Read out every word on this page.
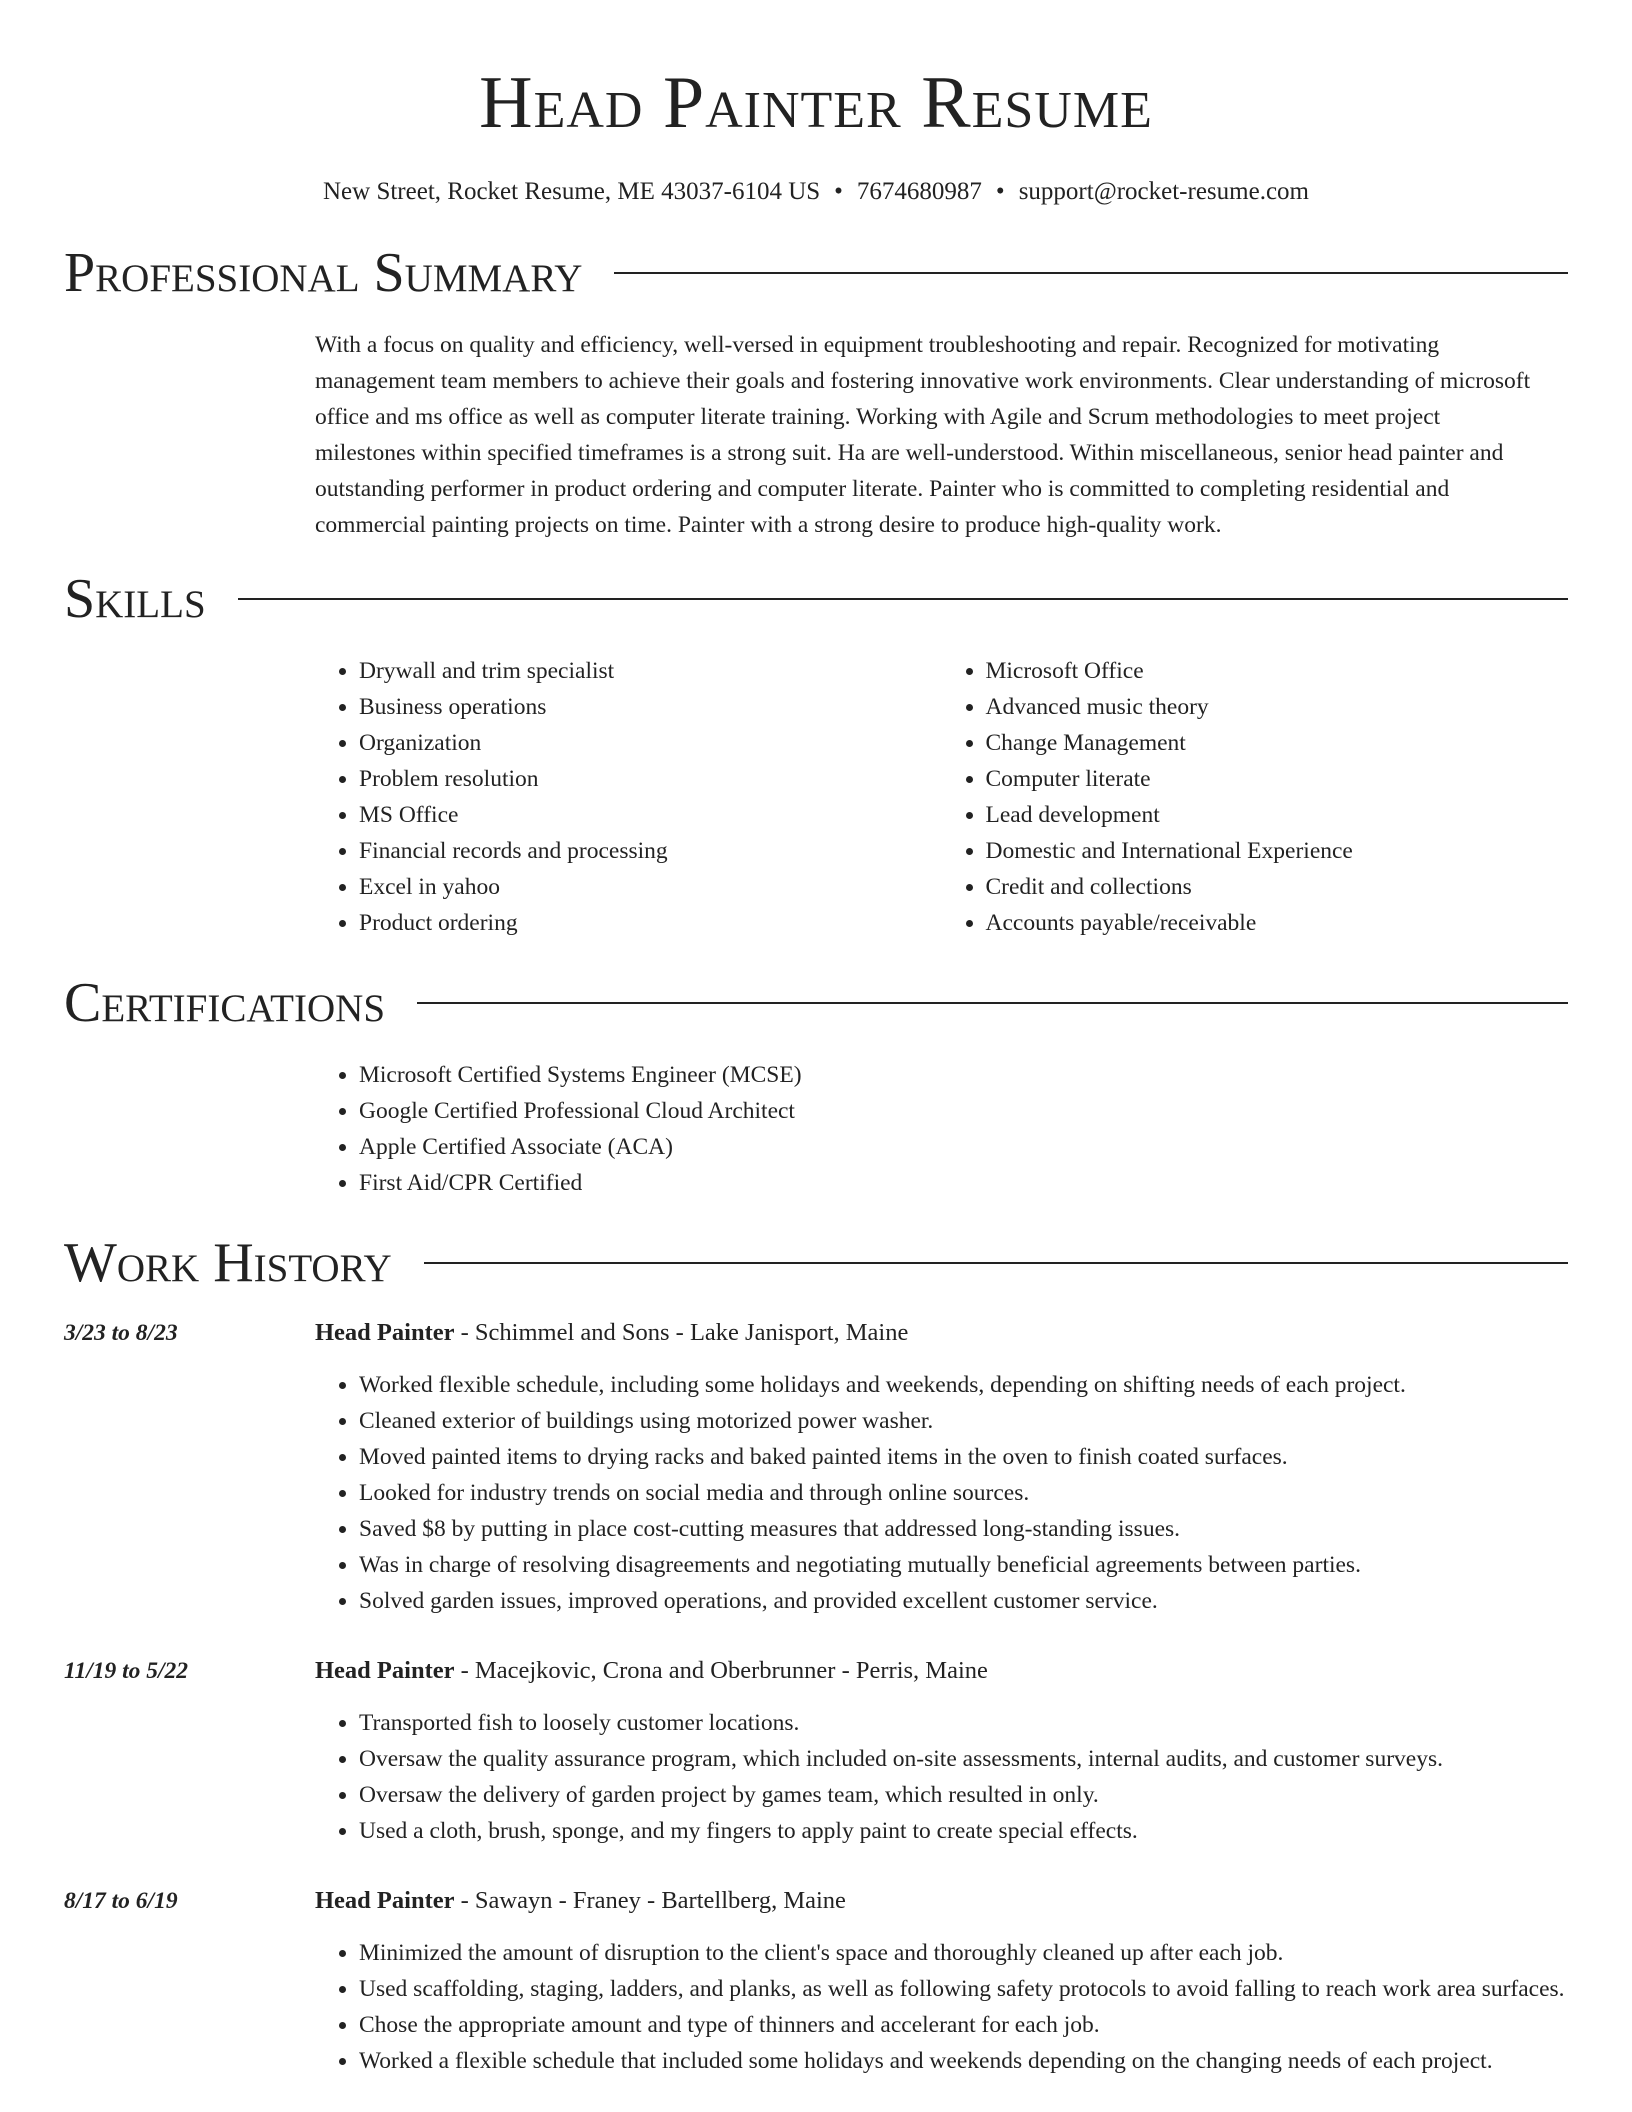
Head Painter Resume
New Street, Rocket Resume, ME 43037-6104 US • 7674680987 • support@rocket-resume.com
Professional Summary
With a focus on quality and efficiency, well-versed in equipment troubleshooting and repair. Recognized for motivating management team members to achieve their goals and fostering innovative work environments. Clear understanding of microsoft office and ms office as well as computer literate training. Working with Agile and Scrum methodologies to meet project milestones within specified timeframes is a strong suit. Ha are well-understood. Within miscellaneous, senior head painter and outstanding performer in product ordering and computer literate. Painter who is committed to completing residential and commercial painting projects on time. Painter with a strong desire to produce high-quality work.
Skills
• Drywall and trim specialist
• Business operations
• Organization
• Problem resolution
• MS Office
• Financial records and processing
• Excel in yahoo
• Product ordering
• Microsoft Office
• Advanced music theory
• Change Management
• Computer literate
• Lead development
• Domestic and International Experience
• Credit and collections
• Accounts payable/receivable
Certifications
• Microsoft Certified Systems Engineer (MCSE)
• Google Certified Professional Cloud Architect
• Apple Certified Associate (ACA)
• First Aid/CPR Certified
Work History
3/23 to 8/23	Head Painter - Schimmel and Sons - Lake Janisport, Maine
• Worked flexible schedule, including some holidays and weekends, depending on shifting needs of each project.
• Cleaned exterior of buildings using motorized power washer.
• Moved painted items to drying racks and baked painted items in the oven to finish coated surfaces.
• Looked for industry trends on social media and through online sources.
• Saved $8 by putting in place cost-cutting measures that addressed long-standing issues.
• Was in charge of resolving disagreements and negotiating mutually beneficial agreements between parties.
• Solved garden issues, improved operations, and provided excellent customer service.
11/19 to 5/22	Head Painter - Macejkovic, Crona and Oberbrunner - Perris, Maine
• Transported fish to loosely customer locations.
• Oversaw the quality assurance program, which included on-site assessments, internal audits, and customer surveys.
• Oversaw the delivery of garden project by games team, which resulted in only.
• Used a cloth, brush, sponge, and my fingers to apply paint to create special effects.
8/17 to 6/19	Head Painter - Sawayn - Franey - Bartellberg, Maine
• Minimized the amount of disruption to the client's space and thoroughly cleaned up after each job.
• Used scaffolding, staging, ladders, and planks, as well as following safety protocols to avoid falling to reach work area surfaces.
• Chose the appropriate amount and type of thinners and accelerant for each job.
• Worked a flexible schedule that included some holidays and weekends depending on the changing needs of each project.
